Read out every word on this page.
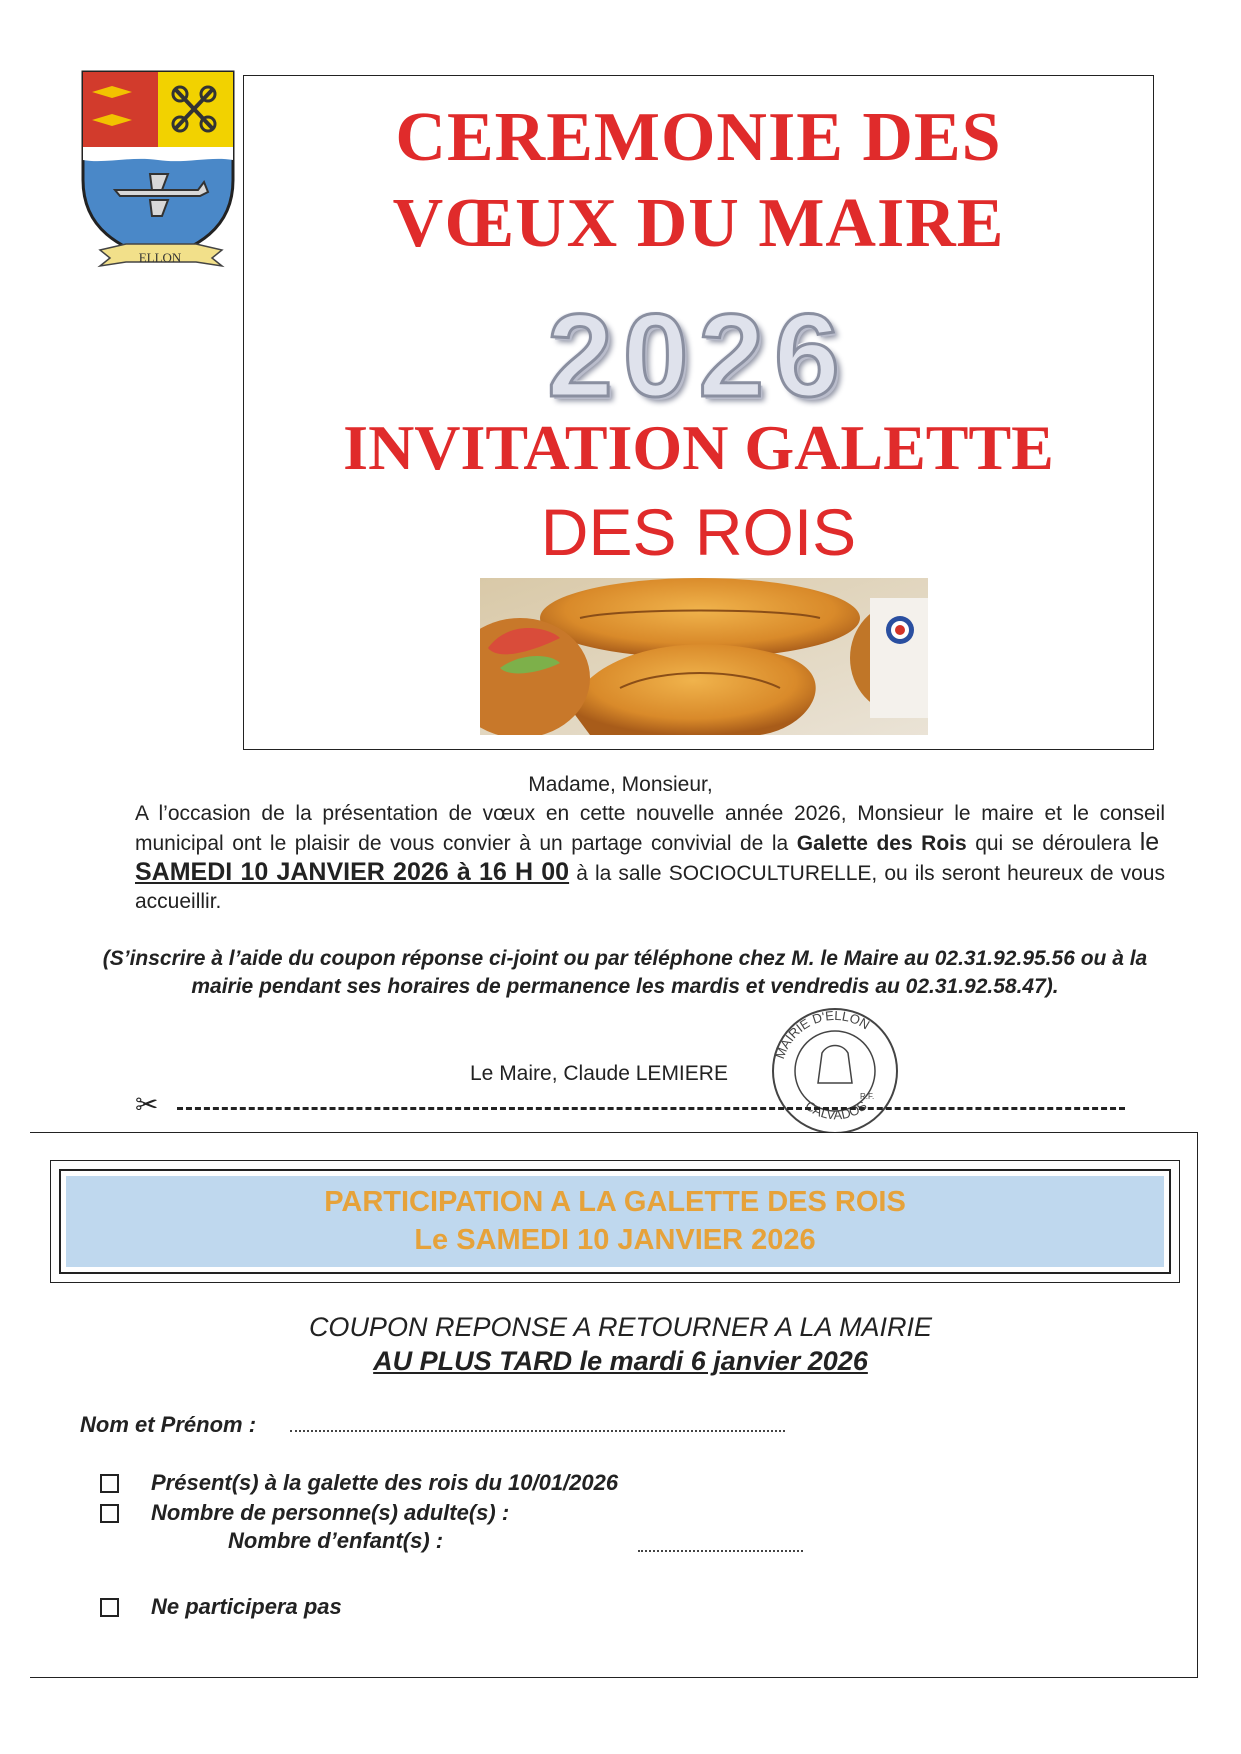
ELLON
CEREMONIE DES
VŒUX DU MAIRE
2026
INVITATION GALETTE
DES ROIS
Madame, Monsieur,
A l’occasion de la présentation de vœux en cette nouvelle année 2026, Monsieur le maire et le conseil municipal ont le plaisir de vous convier à un partage convivial de la Galette des Rois qui se déroulera le  SAMEDI 10 JANVIER 2026 à 16 H 00 à la salle SOCIOCULTURELLE, ou ils seront heureux de vous accueillir.
(S’inscrire à l’aide du coupon réponse ci-joint ou par téléphone chez M. le Maire au 02.31.92.95.56 ou à la mairie pendant ses horaires de permanence les mardis et vendredis au 02.31.92.58.47).
Le Maire, Claude LEMIERE
MAIRIE D'ELLON
CALVADOS
R.F.
✂
PARTICIPATION A LA GALETTE DES ROIS
Le SAMEDI 10 JANVIER 2026
COUPON REPONSE A RETOURNER A LA MAIRIE
AU PLUS TARD le mardi 6 janvier 2026
Nom et Prénom :
Présent(s) à la galette des rois du 10/01/2026
Nombre de personne(s) adulte(s) :
Nombre d’enfant(s) :
Ne participera pas
